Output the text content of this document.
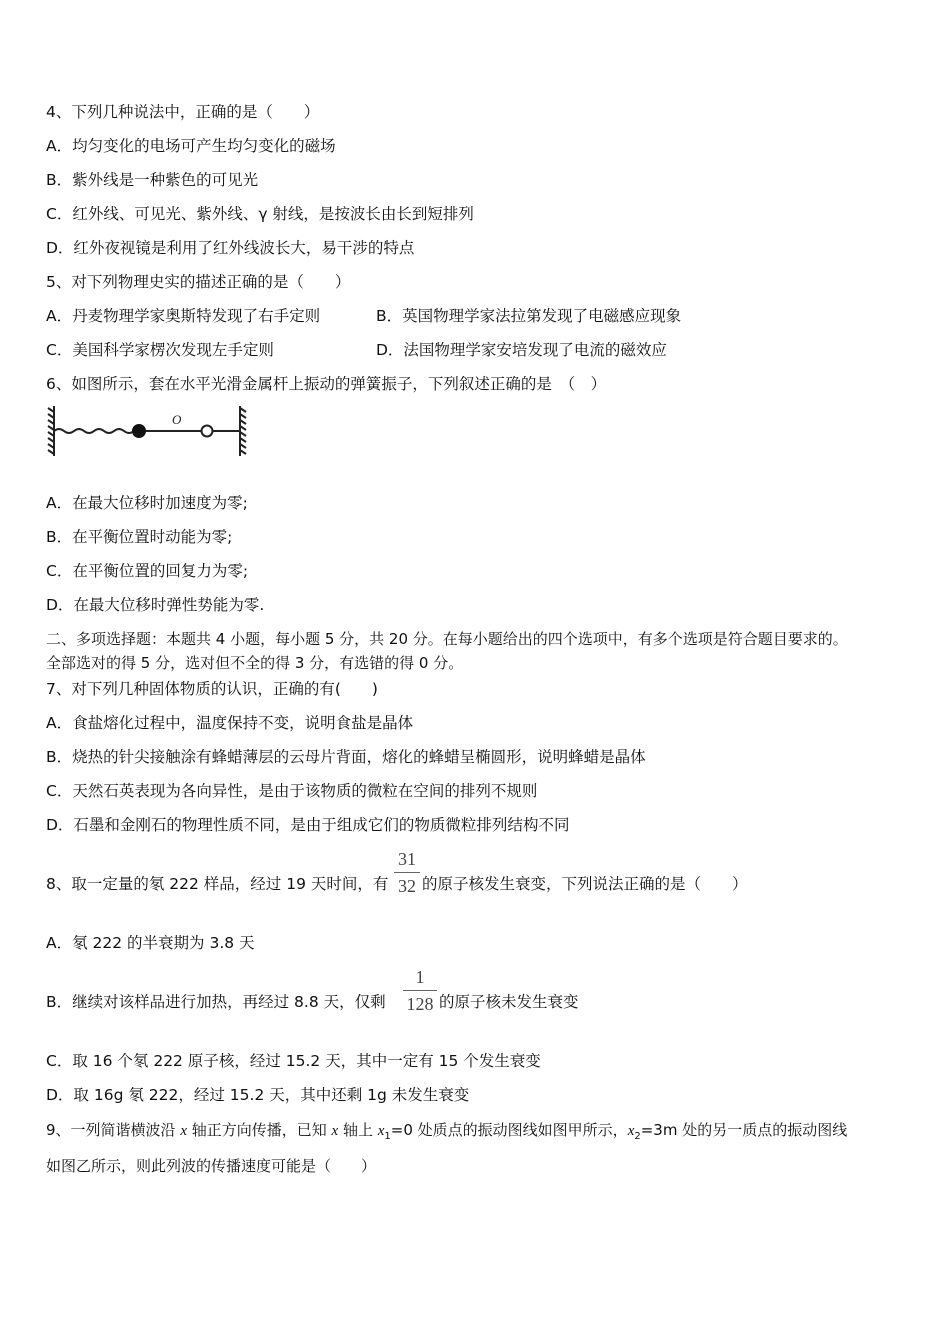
4、下列几种说法中，正确的是（　　）
A．均匀变化的电场可产生均匀变化的磁场
B．紫外线是一种紫色的可见光
C．红外线、可见光、紫外线、γ 射线，是按波长由长到短排列
D．红外夜视镜是利用了红外线波长大，易干涉的特点
5、对下列物理史实的描述正确的是（　　）
A．丹麦物理学家奥斯特发现了右手定则	B．英国物理学家法拉第发现了电磁感应现象
C．美国科学家楞次发现左手定则	D．法国物理学家安培发现了电流的磁效应
6、如图所示，套在水平光滑金属杆上振动的弹簧振子，下列叙述正确的是　（　）
O
A．在最大位移时加速度为零;
B．在平衡位置时动能为零;
C．在平衡位置的回复力为零;
D．在最大位移时弹性势能为零.
二、多项选择题：本题共 4 小题，每小题 5 分，共 20 分。在每小题给出的四个选项中，有多个选项是符合题目要求的。
全部选对的得 5 分，选对但不全的得 3 分，有选错的得 0 分。
7、对下列几种固体物质的认识，正确的有(　　)
A．食盐熔化过程中，温度保持不变，说明食盐是晶体
B．烧热的针尖接触涂有蜂蜡薄层的云母片背面，熔化的蜂蜡呈椭圆形，说明蜂蜡是晶体
C．天然石英表现为各向异性，是由于该物质的微粒在空间的排列不规则
D．石墨和金刚石的物理性质不同，是由于组成它们的物质微粒排列结构不同
8、取一定量的氡 222 样品，经过 19 天时间，有
31
32 的原子核发生衰变，下列说法正确的是（　　）
A．氡 222 的半衰期为 3.8 天
B．继续对该样品进行加热，再经过 8.8 天，仅剩
1
128 的原子核未发生衰变
C．取 16 个氡 222 原子核，经过 15.2 天，其中一定有 15 个发生衰变
D．取 16g 氡 222，经过 15.2 天，其中还剩 1g 未发生衰变
9、一列简谐横波沿 x 轴正方向传播，已知 x 轴上 $x_1=0$ 处质点的振动图线如图甲所示，$x_2=3m$ 处的另一质点的振动图线
如图乙所示，则此列波的传播速度可能是（　　）
